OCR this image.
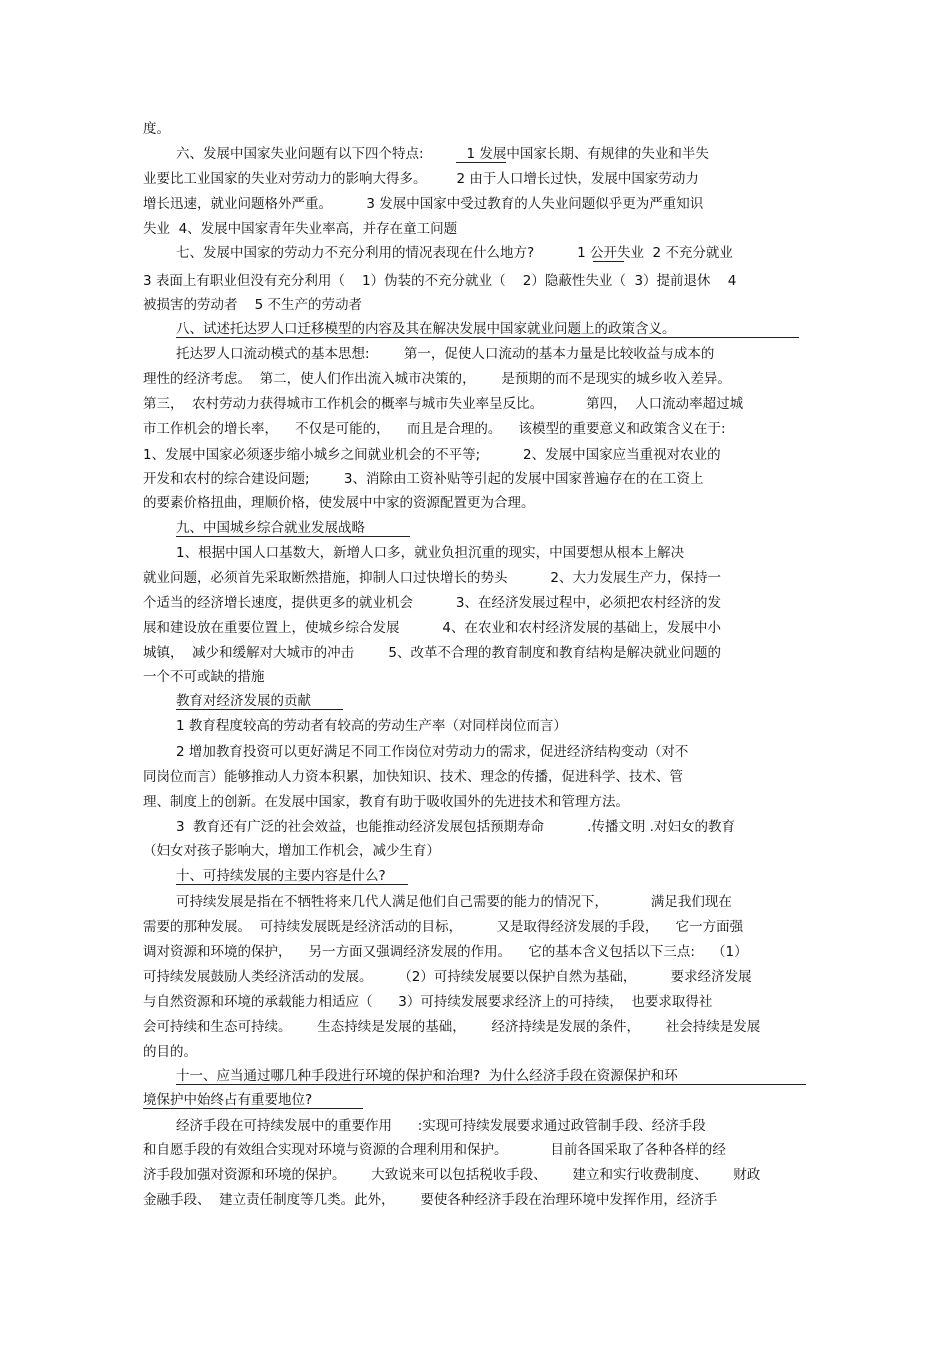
度。
六、发展中国家失业问题有以下四个特点:          1 发展中国家长期、有规律的失业和半失
业要比工业国家的失业对劳动力的影响大得多。       2 由于人口增长过快，发展中国家劳动力
增长迅速，就业问题格外严重。        3 发展中国家中受过教育的人失业问题似乎更为严重知识
失业  4、发展中国家青年失业率高，并存在童工问题
七、发展中国家的劳动力不充分利用的情况表现在什么地方?          1 公开失业  2 不充分就业
3 表面上有职业但没有充分利用（    1）伪装的不充分就业（    2）隐蔽性失业（  3）提前退休    4
被损害的劳动者    5 不生产的劳动者
八、试述托达罗人口迁移模型的内容及其在解决发展中国家就业问题上的政策含义。
托达罗人口流动模式的基本思想:        第一，促使人口流动的基本力量是比较收益与成本的
理性的经济考虑。  第二，使人们作出流入城市决策的，      是预期的而不是现实的城乡收入差异。
第三，  农村劳动力获得城市工作机会的概率与城市失业率呈反比。          第四，  人口流动率超过城
市工作机会的增长率，    不仅是可能的，    而且是合理的。    该模型的重要意义和政策含义在于:
1、发展中国家必须逐步缩小城乡之间就业机会的不平等;          2、发展中国家应当重视对农业的
开发和农村的综合建设问题;        3、消除由工资补贴等引起的发展中国家普遍存在的在工资上
的要素价格扭曲，理顺价格，使发展中中家的资源配置更为合理。
九、中国城乡综合就业发展战略
1、根据中国人口基数大，新增人口多，就业负担沉重的现实，中国要想从根本上解决
就业问题，必须首先采取断然措施，抑制人口过快增长的势头          2、大力发展生产力，保持一
个适当的经济增长速度，提供更多的就业机会          3、在经济发展过程中，必须把农村经济的发
展和建设放在重要位置上，使城乡综合发展          4、在农业和农村经济发展的基础上，发展中小
城镇，  减少和缓解对大城市的冲击        5、改革不合理的教育制度和教育结构是解决就业问题的
一个不可或缺的措施
教育对经济发展的贡献
1 教育程度较高的劳动者有较高的劳动生产率（对同样岗位而言）
2 增加教育投资可以更好满足不同工作岗位对劳动力的需求，促进经济结构变动（对不
同岗位而言）能够推动人力资本积累，加快知识、技术、理念的传播，促进科学、技术、管
理、制度上的创新。在发展中国家，教育有助于吸收国外的先进技术和管理方法。
3  教育还有广泛的社会效益，也能推动经济发展包括预期寿命          .传播文明 .对妇女的教育
（妇女对孩子影响大，增加工作机会，减少生育）
十、可持续发展的主要内容是什么?
可持续发展是指在不牺牲将来几代人满足他们自己需要的能力的情况下，          满足我们现在
需要的那种发展。  可持续发展既是经济活动的目标，        又是取得经济发展的手段，    它一方面强
调对资源和环境的保护，    另一方面又强调经济发展的作用。    它的基本含义包括以下三点:    （1）
可持续发展鼓励人类经济活动的发展。      （2）可持续发展要以保护自然为基础，        要求经济发展
与自然资源和环境的承载能力相适应（      3）可持续发展要求经济上的可持续，  也要求取得社
会可持续和生态可持续。      生态持续是发展的基础，      经济持续是发展的条件，      社会持续是发展
的目的。
十一、应当通过哪几种手段进行环境的保护和治理?  为什么经济手段在资源保护和环
境保护中始终占有重要地位?
经济手段在可持续发展中的重要作用      :实现可持续发展要求通过政管制手段、经济手段
和自愿手段的有效组合实现对环境与资源的合理利用和保护。          目前各国采取了各种各样的经
济手段加强对资源和环境的保护。      大致说来可以包括税收手段、      建立和实行收费制度、      财政
金融手段、  建立责任制度等几类。此外，      要使各种经济手段在治理环境中发挥作用，经济手
